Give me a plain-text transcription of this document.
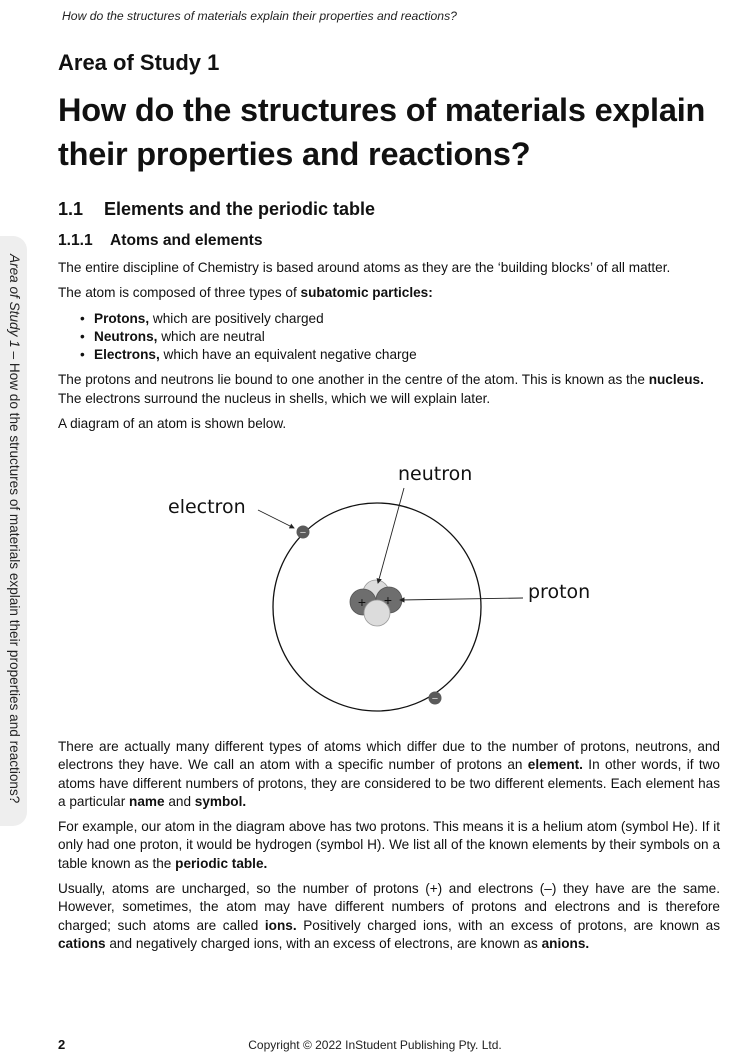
How do the structures of materials explain their properties and reactions?
Area of Study 1 – How do the structures of materials explain their properties and reactions?
Area of Study 1
How do the structures of materials explain their properties and reactions?
1.1 Elements and the periodic table
1.1.1 Atoms and elements

The entire discipline of Chemistry is based around atoms as they are the ‘building blocks’ of all matter.

The atom is composed of three types of subatomic particles:

• Protons, which are positively charged
• Neutrons, which are neutral
• Electrons, which have an equivalent negative charge

The protons and neutrons lie bound to one another in the centre of the atom. This is known as the nucleus. The electrons surround the nucleus in shells, which we will explain later.

A diagram of an atom is shown below.

+ +
−
−
electron
neutron
proton

There are actually many different types of atoms which differ due to the number of protons, neutrons, and electrons they have. We call an atom with a specific number of protons an element. In other words, if two atoms have different numbers of protons, they are considered to be two different elements. Each element has a particular name and symbol.

For example, our atom in the diagram above has two protons. This means it is a helium atom (symbol He). If it only had one proton, it would be hydrogen (symbol H). We list all of the known elements by their symbols on a table known as the periodic table.

Usually, atoms are uncharged, so the number of protons (+) and electrons (–) they have are the same. However, sometimes, the atom may have different numbers of protons and electrons and is therefore charged; such atoms are called ions. Positively charged ions, with an excess of protons, are known as cations and negatively charged ions, with an excess of electrons, are known as anions.

2	Copyright © 2022 InStudent Publishing Pty. Ltd.
